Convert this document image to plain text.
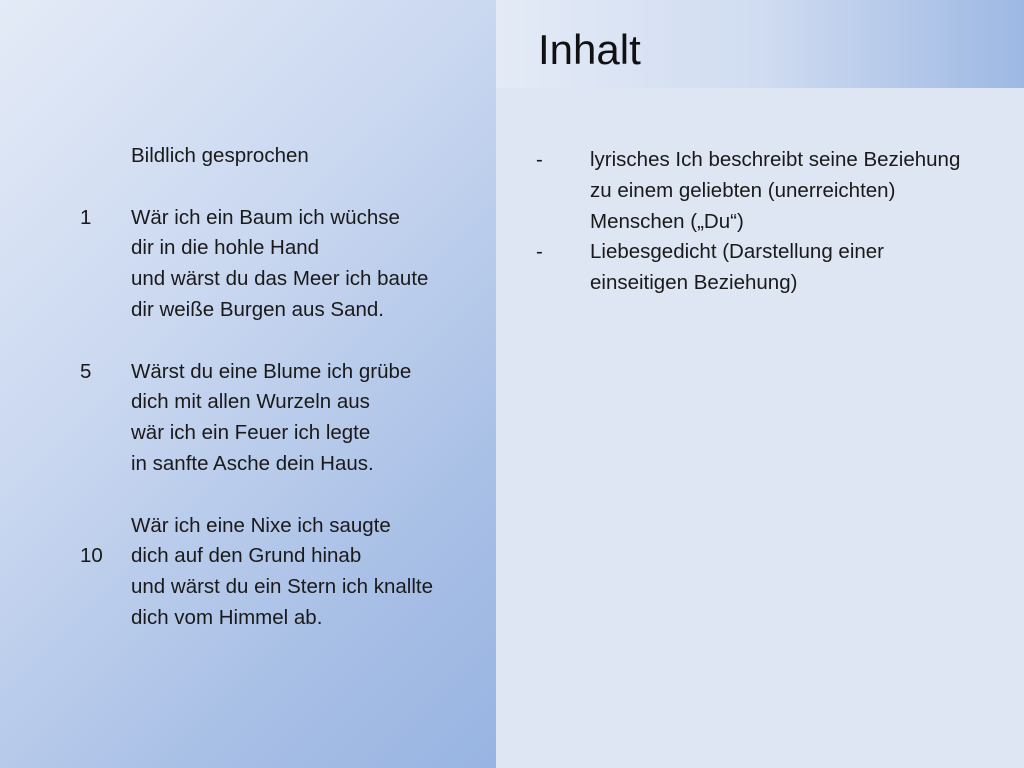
Inhalt
Bildlich gesprochen
1	Wär ich ein Baum ich wüchse
dir in die hohle Hand
und wärst du das Meer ich baute
dir weiße Burgen aus Sand.
5	Wärst du eine Blume ich grübe
dich mit allen Wurzeln aus
wär ich ein Feuer ich legte
in sanfte Asche dein Haus.
Wär ich eine Nixe ich saugte
10	dich auf den Grund hinab
und wärst du ein Stern ich knallte
dich vom Himmel ab.
-	lyrisches Ich beschreibt seine Beziehung
zu einem geliebten (unerreichten)
Menschen („Du“)
-	Liebesgedicht (Darstellung einer
einseitigen Beziehung)
